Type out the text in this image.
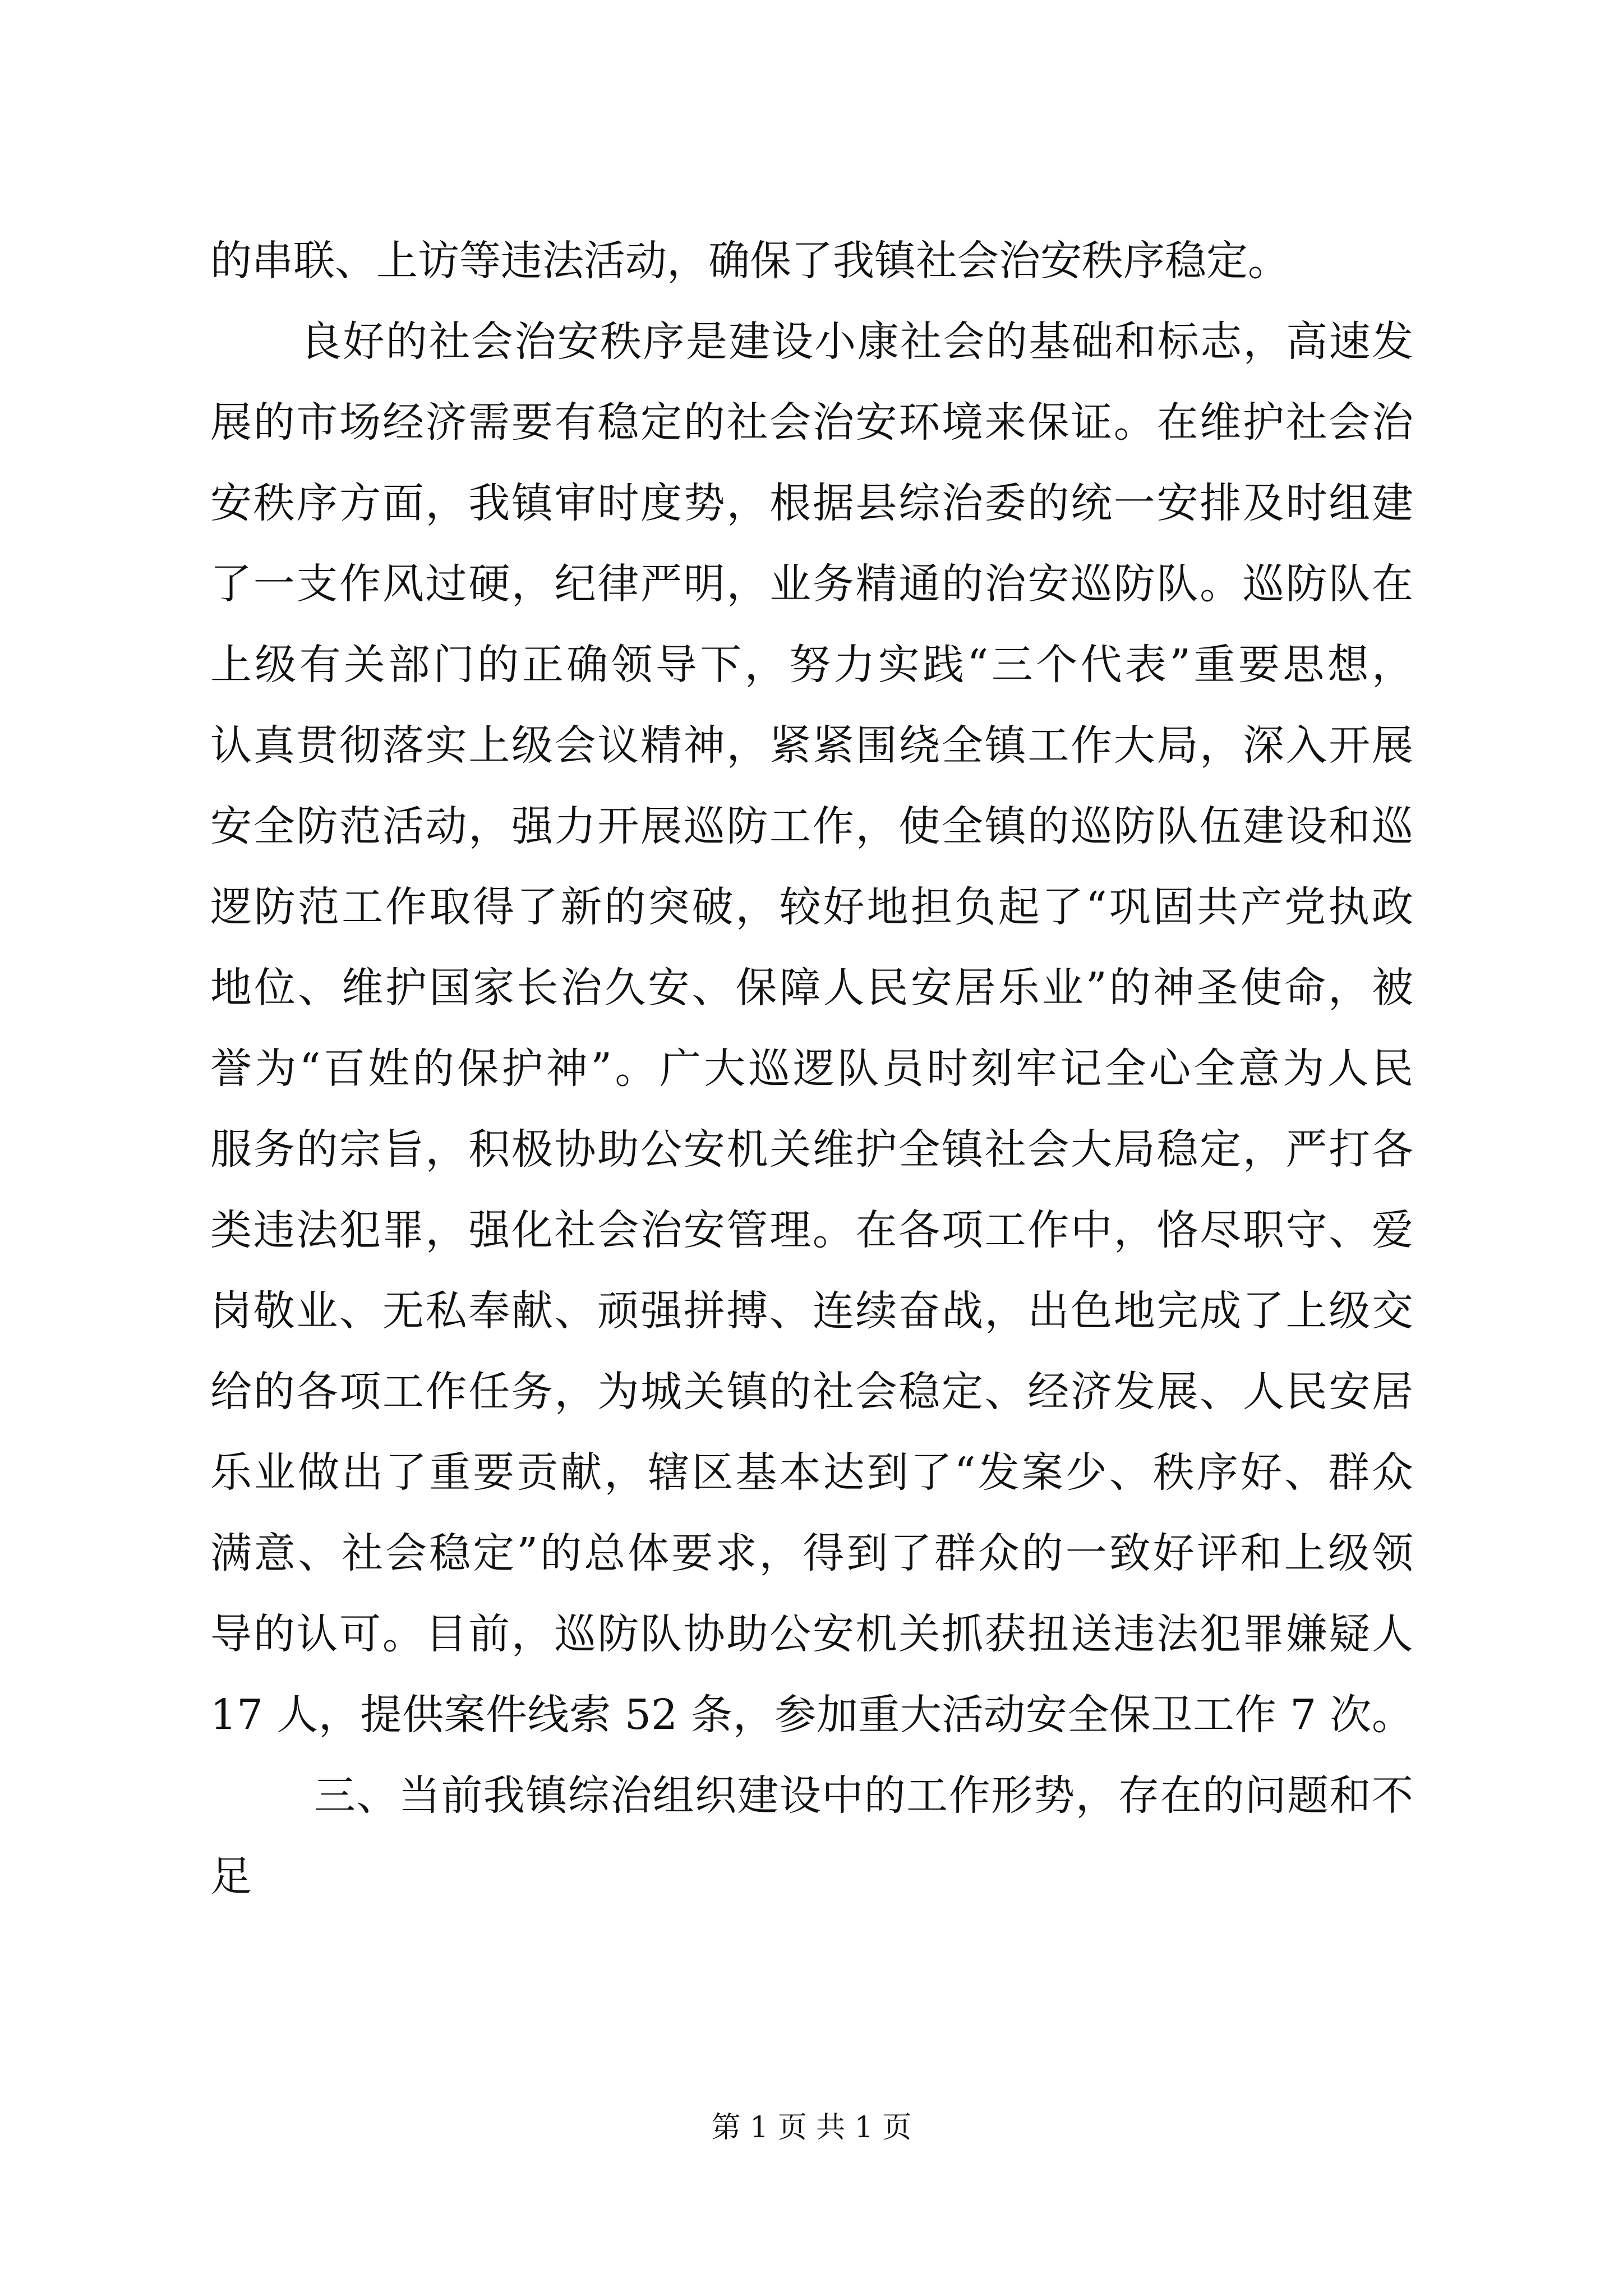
的串联、上访等违法活动，确保了我镇社会治安秩序稳定。
良好的社会治安秩序是建设小康社会的基础和标志，高速发
展的市场经济需要有稳定的社会治安环境来保证。在维护社会治
安秩序方面，我镇审时度势，根据县综治委的统一安排及时组建
了一支作风过硬，纪律严明，业务精通的治安巡防队。巡防队在
上级有关部门的正确领导下，努力实践“三个代表”重要思想，
认真贯彻落实上级会议精神，紧紧围绕全镇工作大局，深入开展
安全防范活动，强力开展巡防工作，使全镇的巡防队伍建设和巡
逻防范工作取得了新的突破，较好地担负起了“巩固共产党执政
地位、维护国家长治久安、保障人民安居乐业”的神圣使命，被
誉为“百姓的保护神”。广大巡逻队员时刻牢记全心全意为人民
服务的宗旨，积极协助公安机关维护全镇社会大局稳定，严打各
类违法犯罪，强化社会治安管理。在各项工作中，恪尽职守、爱
岗敬业、无私奉献、顽强拼搏、连续奋战，出色地完成了上级交
给的各项工作任务，为城关镇的社会稳定、经济发展、人民安居
乐业做出了重要贡献，辖区基本达到了“发案少、秩序好、群众
满意、社会稳定”的总体要求，得到了群众的一致好评和上级领
导的认可。目前，巡防队协助公安机关抓获扭送违法犯罪嫌疑人
17 人，提供案件线索 52 条，参加重大活动安全保卫工作 7 次。
三、当前我镇综治组织建设中的工作形势，存在的问题和不
足
第 1 页 共 1 页
